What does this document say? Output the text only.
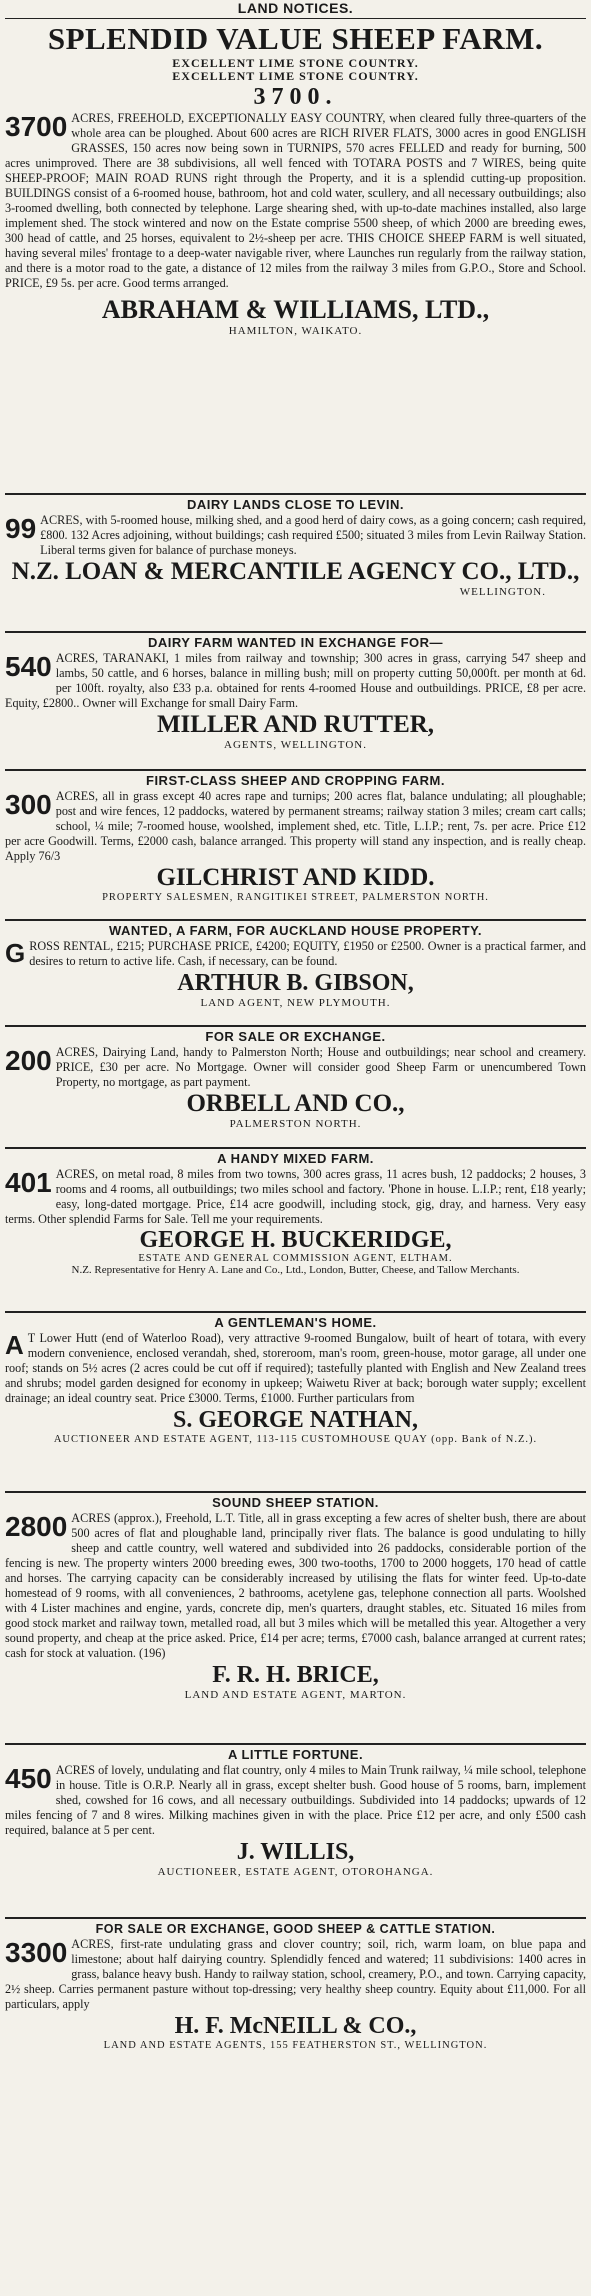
LAND NOTICES.
SPLENDID VALUE SHEEP FARM.
EXCELLENT LIME STONE COUNTRY.
EXCELLENT LIME STONE COUNTRY.
3700.
3700 ACRES, FREEHOLD, EXCEPTIONALLY EASY COUNTRY, when cleared fully three-quarters of the whole area can be ploughed. About 600 acres are RICH RIVER FLATS, 3000 acres in good ENGLISH GRASSES, 150 acres now being sown in TURNIPS, 570 acres FELLED and ready for burning, 500 acres unimproved. There are 38 subdivisions, all well fenced with TOTARA POSTS and 7 WIRES, being quite SHEEP-PROOF; MAIN ROAD RUNS right through the Property, and it is a splendid cutting-up proposition. BUILDINGS consist of a 6-roomed house, bathroom, hot and cold water, scullery, and all necessary outbuildings; also 3-roomed dwelling, both connected by telephone. Large shearing shed, with up-to-date machines installed, also large implement shed. The stock wintered and now on the Estate comprise 5500 sheep, of which 2000 are breeding ewes, 300 head of cattle, and 25 horses, equivalent to 2½-sheep per acre. THIS CHOICE SHEEP FARM is well situated, having several miles' frontage to a deep-water navigable river, where Launches run regularly from the railway station, and there is a motor road to the gate, a distance of 12 miles from the railway 3 miles from G.P.O., Store and School. PRICE, £9 5s. per acre. Good terms arranged.
ABRAHAM & WILLIAMS, LTD.,
HAMILTON, WAIKATO.
DAIRY LANDS CLOSE TO LEVIN.
99 ACRES, with 5-roomed house, milking shed, and a good herd of dairy cows, as a going concern; cash required, £800. 132 Acres adjoining, without buildings; cash required £500; situated 3 miles from Levin Railway Station. Liberal terms given for balance of purchase moneys.
N.Z. LOAN & MERCANTILE AGENCY CO., LTD.,
WELLINGTON.
DAIRY FARM WANTED IN EXCHANGE FOR—
540 ACRES, TARANAKI, 1 miles from railway and township; 300 acres in grass, carrying 547 sheep and lambs, 50 cattle, and 6 horses, balance in milling bush; mill on property cutting 50,000ft. per month at 6d. per 100ft. royalty, also £33 p.a. obtained for rents 4-roomed House and outbuildings. PRICE, £8 per acre. Equity, £2800.. Owner will Exchange for small Dairy Farm.
MILLER AND RUTTER,
AGENTS, WELLINGTON.
FIRST-CLASS SHEEP AND CROPPING FARM.
300 ACRES, all in grass except 40 acres rape and turnips; 200 acres flat, balance undulating; all ploughable; post and wire fences, 12 paddocks, watered by permanent streams; railway station 3 miles; cream cart calls; school, ¼ mile; 7-roomed house, woolshed, implement shed, etc. Title, L.I.P.; rent, 7s. per acre. Price £12 per acre Goodwill. Terms, £2000 cash, balance arranged. This property will stand any inspection, and is really cheap. Apply 76/3
GILCHRIST AND KIDD.
PROPERTY SALESMEN, RANGITIKEI STREET, PALMERSTON NORTH.
WANTED, A FARM, FOR AUCKLAND HOUSE PROPERTY.
G ROSS RENTAL, £215; PURCHASE PRICE, £4200; EQUITY, £1950 or £2500. Owner is a practical farmer, and desires to return to active life. Cash, if necessary, can be found.
ARTHUR B. GIBSON,
LAND AGENT, NEW PLYMOUTH.
FOR SALE OR EXCHANGE.
200 ACRES, Dairying Land, handy to Palmerston North; House and outbuildings; near school and creamery. PRICE, £30 per acre. No Mortgage. Owner will consider good Sheep Farm or unencumbered Town Property, no mortgage, as part payment.
ORBELL AND CO.,
PALMERSTON NORTH.
A HANDY MIXED FARM.
401 ACRES, on metal road, 8 miles from two towns, 300 acres grass, 11 acres bush, 12 paddocks; 2 houses, 3 rooms and 4 rooms, all outbuildings; two miles school and factory. 'Phone in house. L.I.P.; rent, £18 yearly; easy, long-dated mortgage. Price, £14 acre goodwill, including stock, gig, dray, and harness. Very easy terms. Other splendid Farms for Sale. Tell me your requirements.
GEORGE H. BUCKERIDGE,
ESTATE AND GENERAL COMMISSION AGENT, ELTHAM.
N.Z. Representative for Henry A. Lane and Co., Ltd., London, Butter, Cheese, and Tallow Merchants.
A GENTLEMAN'S HOME.
A T Lower Hutt (end of Waterloo Road), very attractive 9-roomed Bungalow, built of heart of totara, with every modern convenience, enclosed verandah, shed, storeroom, man's room, green-house, motor garage, all under one roof; stands on 5½ acres (2 acres could be cut off if required); tastefully planted with English and New Zealand trees and shrubs; model garden designed for economy in upkeep; Waiwetu River at back; borough water supply; excellent drainage; an ideal country seat. Price £3000. Terms, £1000. Further particulars from
S. GEORGE NATHAN,
AUCTIONEER AND ESTATE AGENT, 113-115 CUSTOMHOUSE QUAY (opp. Bank of N.Z.).
SOUND SHEEP STATION.
2800 ACRES (approx.), Freehold, L.T. Title, all in grass excepting a few acres of shelter bush, there are about 500 acres of flat and ploughable land, principally river flats. The balance is good undulating to hilly sheep and cattle country, well watered and subdivided into 26 paddocks, considerable portion of the fencing is new. The property winters 2000 breeding ewes, 300 two-tooths, 1700 to 2000 hoggets, 170 head of cattle and horses. The carrying capacity can be considerably increased by utilising the flats for winter feed. Up-to-date homestead of 9 rooms, with all conveniences, 2 bathrooms, acetylene gas, telephone connection all parts. Woolshed with 4 Lister machines and engine, yards, concrete dip, men's quarters, draught stables, etc. Situated 16 miles from good stock market and railway town, metalled road, all but 3 miles which will be metalled this year. Altogether a very sound property, and cheap at the price asked. Price, £14 per acre; terms, £7000 cash, balance arranged at current rates; cash for stock at valuation. (196)
F. R. H. BRICE,
LAND AND ESTATE AGENT, MARTON.
A LITTLE FORTUNE.
450 ACRES of lovely, undulating and flat country, only 4 miles to Main Trunk railway, ¼ mile school, telephone in house. Title is O.R.P. Nearly all in grass, except shelter bush. Good house of 5 rooms, barn, implement shed, cowshed for 16 cows, and all necessary outbuildings. Subdivided into 14 paddocks; upwards of 12 miles fencing of 7 and 8 wires. Milking machines given in with the place. Price £12 per acre, and only £500 cash required, balance at 5 per cent.
J. WILLIS,
AUCTIONEER, ESTATE AGENT, OTOROHANGA.
FOR SALE OR EXCHANGE, GOOD SHEEP & CATTLE STATION.
3300 ACRES, first-rate undulating grass and clover country; soil, rich, warm loam, on blue papa and limestone; about half dairying country. Splendidly fenced and watered; 11 subdivisions: 1400 acres in grass, balance heavy bush. Handy to railway station, school, creamery, P.O., and town. Carrying capacity, 2½ sheep. Carries permanent pasture without top-dressing; very healthy sheep country. Equity about £11,000. For all particulars, apply
H. F. McNEILL & CO.,
LAND AND ESTATE AGENTS, 155 FEATHERSTON ST., WELLINGTON.
